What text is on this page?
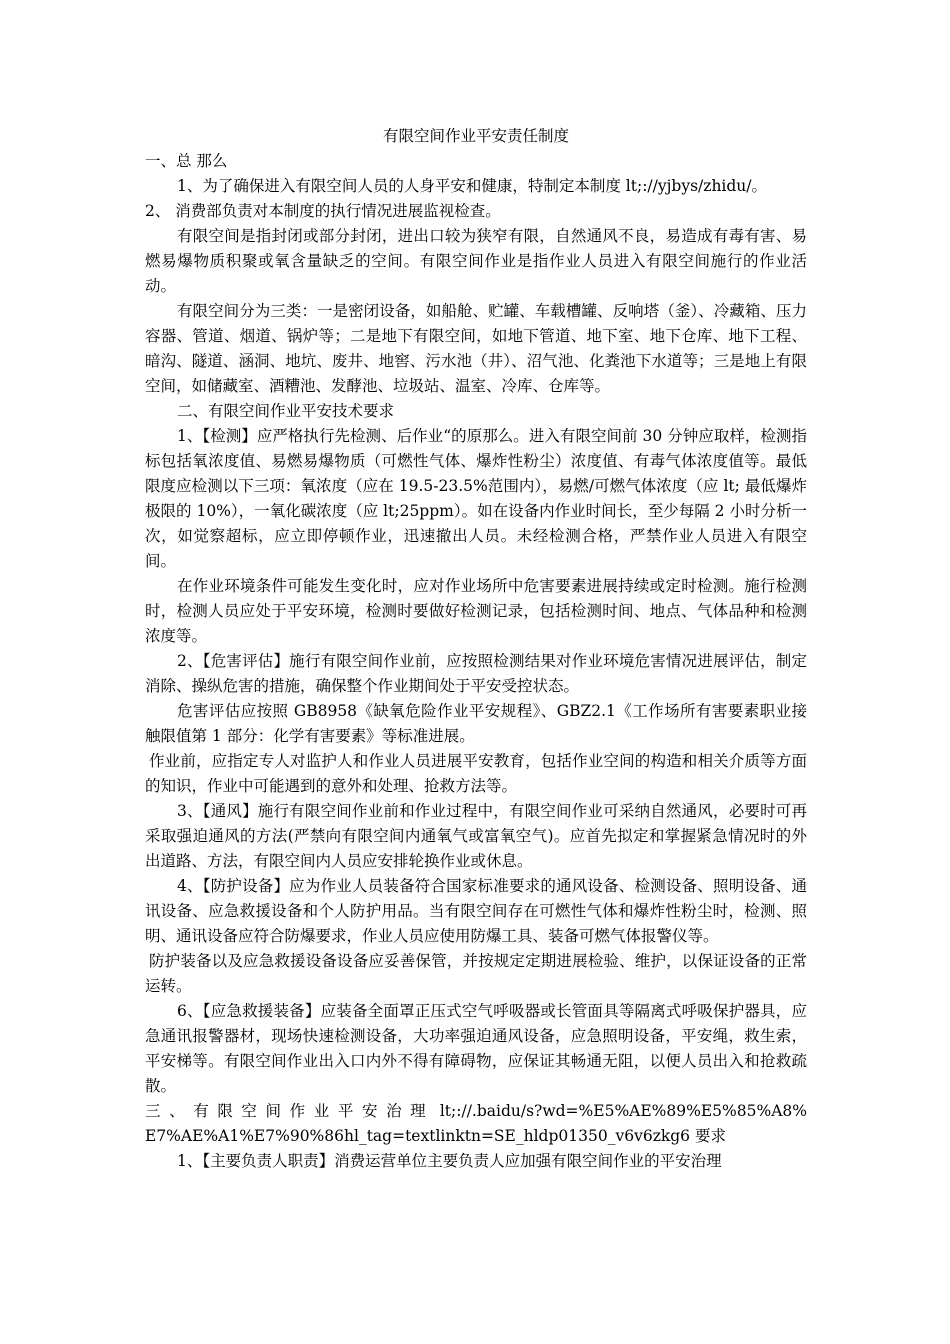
有限空间作业平安责任制度

一、总 那么

1、为了确保进入有限空间人员的人身平安和健康，特制定本制度 lt;://yjbys/zhidu/。

2、 消费部负责对本制度的执行情况进展监视检查。

有限空间是指封闭或部分封闭，进出口较为狭窄有限，自然通风不良，易造成有毒有害、易燃易爆物质积聚或氧含量缺乏的空间。有限空间作业是指作业人员进入有限空间施行的作业活动。

有限空间分为三类：一是密闭设备，如船舱、贮罐、车载槽罐、反响塔（釜）、冷藏箱、压力容器、管道、烟道、锅炉等；二是地下有限空间，如地下管道、地下室、地下仓库、地下工程、暗沟、隧道、涵洞、地坑、废井、地窖、污水池（井）、沼气池、化粪池下水道等；三是地上有限空间，如储藏室、酒糟池、发酵池、垃圾站、温室、冷库、仓库等。

二、有限空间作业平安技术要求

1、【检测】应严格执行先检测、后作业“的原那么。进入有限空间前 30 分钟应取样，检测指标包括氧浓度值、易燃易爆物质（可燃性气体、爆炸性粉尘）浓度值、有毒气体浓度值等。最低限度应检测以下三项：氧浓度（应在 19.5-23.5%范围内），易燃/可燃气体浓度（应 lt; 最低爆炸极限的 10%），一氧化碳浓度（应 lt;25ppm）。如在设备内作业时间长，至少每隔 2 小时分析一次，如觉察超标，应立即停顿作业，迅速撤出人员。未经检测合格，严禁作业人员进入有限空间。

在作业环境条件可能发生变化时，应对作业场所中危害要素进展持续或定时检测。施行检测时，检测人员应处于平安环境，检测时要做好检测记录，包括检测时间、地点、气体品种和检测浓度等。

2、【危害评估】施行有限空间作业前，应按照检测结果对作业环境危害情况进展评估，制定消除、操纵危害的措施，确保整个作业期间处于平安受控状态。

危害评估应按照 GB8958《缺氧危险作业平安规程》、GBZ2.1《工作场所有害要素职业接触限值第 1 部分：化学有害要素》等标准进展。

作业前，应指定专人对监护人和作业人员进展平安教育，包括作业空间的构造和相关介质等方面的知识，作业中可能遇到的意外和处理、抢救方法等。

3、【通风】施行有限空间作业前和作业过程中，有限空间作业可采纳自然通风，必要时可再采取强迫通风的方法(严禁向有限空间内通氧气或富氧空气)。应首先拟定和掌握紧急情况时的外出道路、方法，有限空间内人员应安排轮换作业或休息。

4、【防护设备】应为作业人员装备符合国家标准要求的通风设备、检测设备、照明设备、通讯设备、应急救援设备和个人防护用品。当有限空间存在可燃性气体和爆炸性粉尘时，检测、照明、通讯设备应符合防爆要求，作业人员应使用防爆工具、装备可燃气体报警仪等。

防护装备以及应急救援设备设备应妥善保管，并按规定定期进展检验、维护，以保证设备的正常运转。

6、【应急救援装备】应装备全面罩正压式空气呼吸器或长管面具等隔离式呼吸保护器具，应急通讯报警器材，现场快速检测设备，大功率强迫通风设备，应急照明设备，平安绳，救生索，平安梯等。有限空间作业出入口内外不得有障碍物，应保证其畅通无阻，以便人员出入和抢救疏散。

三、有限空间作业平安治理 lt;://.baidu/s?wd=%E5%AE%89%E5%85%A8%E7%AE%A1%E7%90%86hl_tag=textlinktn=SE_hldp01350_v6v6zkg6 要求

1、【主要负责人职责】消费运营单位主要负责人应加强有限空间作业的平安治理
